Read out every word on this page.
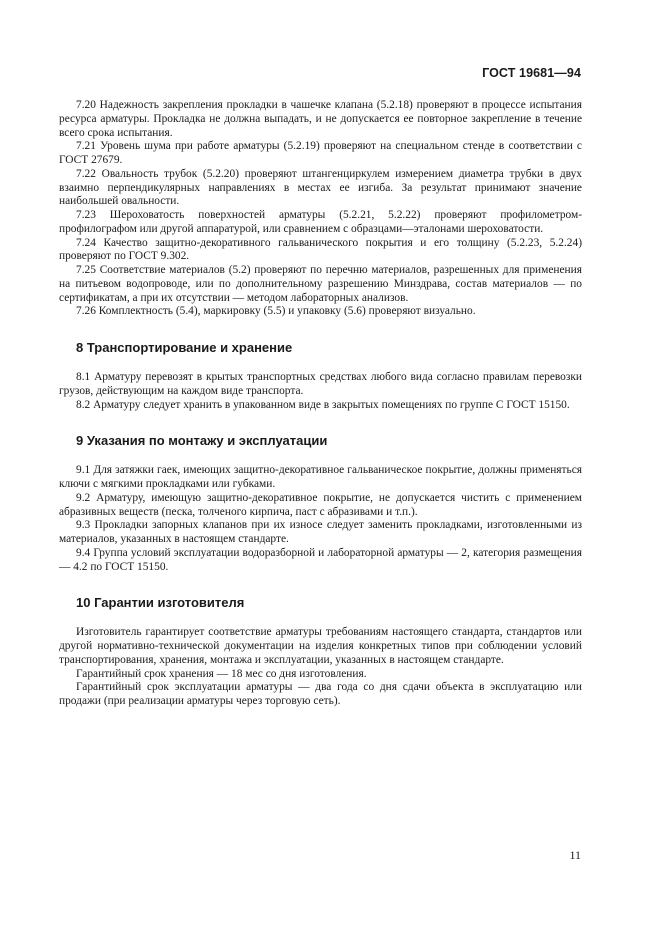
ГОСТ 19681—94

7.20 Надежность закрепления прокладки в чашечке клапана (5.2.18) проверяют в процессе испытания ресурса арматуры. Прокладка не должна выпадать, и не допускается ее повторное закрепление в течение всего срока испытания.

7.21 Уровень шума при работе арматуры (5.2.19) проверяют на специальном стенде в соответствии с ГОСТ 27679.

7.22 Овальность трубок (5.2.20) проверяют штангенциркулем измерением диаметра трубки в двух взаимно перпендикулярных направлениях в местах ее изгиба. За результат принимают значение наибольшей овальности.

7.23 Шероховатость поверхностей арматуры (5.2.21, 5.2.22) проверяют профилометром-профилографом или другой аппаратурой, или сравнением с образцами—эталонами шероховатости.

7.24 Качество защитно-декоративного гальванического покрытия и его толщину (5.2.23, 5.2.24) проверяют по ГОСТ 9.302.

7.25 Соответствие материалов (5.2) проверяют по перечню материалов, разрешенных для применения на питьевом водопроводе, или по дополнительному разрешению Минздрава, состав материалов — по сертификатам, а при их отсутствии — методом лабораторных анализов.

7.26 Комплектность (5.4), маркировку (5.5) и упаковку (5.6) проверяют визуально.

8 Транспортирование и хранение

8.1 Арматуру перевозят в крытых транспортных средствах любого вида согласно правилам перевозки грузов, действующим на каждом виде транспорта.

8.2 Арматуру следует хранить в упакованном виде в закрытых помещениях по группе С ГОСТ 15150.

9 Указания по монтажу и эксплуатации

9.1 Для затяжки гаек, имеющих защитно-декоративное гальваническое покрытие, должны применяться ключи с мягкими прокладками или губками.

9.2 Арматуру, имеющую защитно-декоративное покрытие, не допускается чистить с применением абразивных веществ (песка, толченого кирпича, паст с абразивами и т.п.).

9.3 Прокладки запорных клапанов при их износе следует заменить прокладками, изготовленными из материалов, указанных в настоящем стандарте.

9.4 Группа условий эксплуатации водоразборной и лабораторной арматуры — 2, категория размещения — 4.2 по ГОСТ 15150.

10 Гарантии изготовителя

Изготовитель гарантирует соответствие арматуры требованиям настоящего стандарта, стандартов или другой нормативно-технической документации на изделия конкретных типов при соблюдении условий транспортирования, хранения, монтажа и эксплуатации, указанных в настоящем стандарте.

Гарантийный срок хранения — 18 мес со дня изготовления.

Гарантийный срок эксплуатации арматуры — два года со дня сдачи объекта в эксплуатацию или продажи (при реализации арматуры через торговую сеть).

11
